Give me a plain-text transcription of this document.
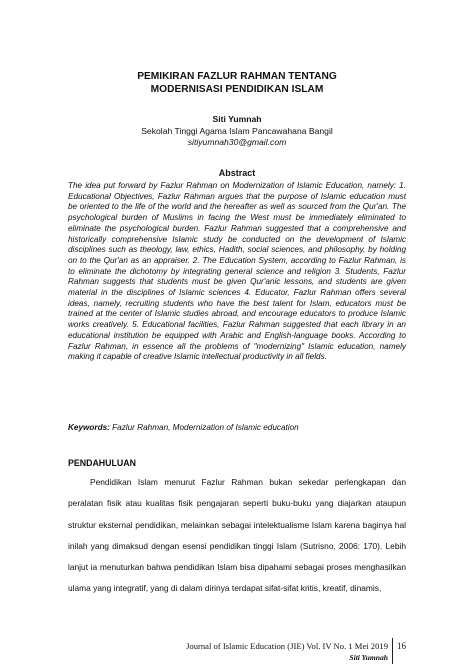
PEMIKIRAN FAZLUR RAHMAN TENTANG
MODERNISASI PENDIDIKAN ISLAM
Siti Yumnah
Sekolah Tinggi Agama Islam Pancawahana Bangil
sitiyumnah30@gmail.com
Abstract

The idea put forward by Fazlur Rahman on Modernization of Islamic Education, namely: 1. Educational Objectives, Fazlur Rahman argues that the purpose of Islamic education must be oriented to the life of the world and the hereafter as well as sourced from the Qur'an. The psychological burden of Muslims in facing the West must be immediately eliminated to eliminate the psychological burden. Fazlur Rahman suggested that a comprehensive and historically comprehensive Islamic study be conducted on the development of Islamic disciplines such as theology, law, ethics, Hadith, social sciences, and philosophy, by holding on to the Qur'an as an appraiser. 2. The Education System, according to Fazlur Rahman, is to eliminate the dichotomy by integrating general science and religion 3. Students, Fazlur Rahman suggests that students must be given Qur'anic lessons, and students are given material in the disciplines of Islamic sciences 4. Educator, Fazlur Rahman offers several ideas, namely, recruiting students who have the best talent for Islam, educators must be trained at the center of Islamic studies abroad, and encourage educators to produce Islamic works creatively. 5. Educational facilities, Fazlur Rahman suggested that each library in an educational institution be equipped with Arabic and English-language books. According to Fazlur Rahman, in essence all the problems of "modernizing" Islamic education, namely making it capable of creative Islamic intellectual productivity in all fields.

Keywords: Fazlur Rahman, Modernization of Islamic education
PENDAHULUAN

Pendidikan Islam menurut Fazlur Rahman bukan sekedar perlengkapan dan peralatan fisik atau kualitas fisik pengajaran seperti buku-buku yang diajarkan ataupun struktur eksternal pendidikan, melainkan sebagai intelektualisme Islam karena baginya hal inilah yang dimaksud dengan esensi pendidikan tinggi Islam (Sutrisno, 2006: 170). Lebih lanjut ia menuturkan bahwa pendidikan Islam bisa dipahami sebagai proses menghasilkan ulama yang integratif, yang di dalam dirinya terdapat sifat-sifat kritis, kreatif, dinamis,

Journal of Islamic Education (JIE) Vol. IV No. 1 Mei 2019
Siti Yumnah
16
